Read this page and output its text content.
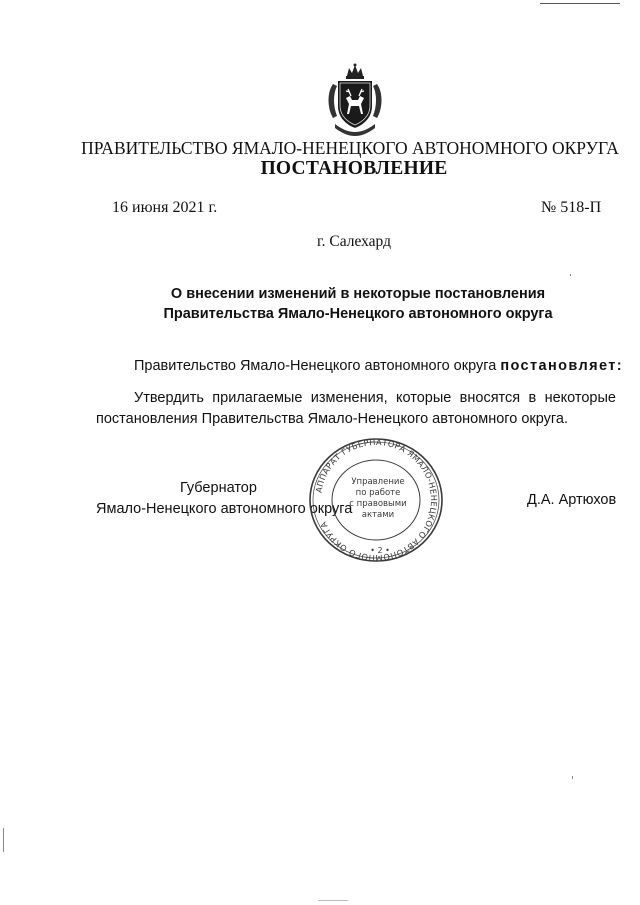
ПРАВИТЕЛЬСТВО ЯМАЛО-НЕНЕЦКОГО АВТОНОМНОГО ОКРУГА
ПОСТАНОВЛЕНИЕ
16 июня 2021 г.	№ 518-П
г. Салехард
О внесении изменений в некоторые постановления
Правительства Ямало-Ненецкого автономного округа
Правительство Ямало-Ненецкого автономного округа постановляет:
Утвердить прилагаемые изменения, которые вносятся в некоторые постановления Правительства Ямало-Ненецкого автономного округа.
Губернатор
Ямало-Ненецкого автономного округа
Д.А. Артюхов
АППАРАТ ГУБЕРНАТОРА ЯМАЛО-НЕНЕЦКОГО АВТОНОМНОГО ОКРУГА
Управление
по работе
с правовыми
актами
• 2 •
